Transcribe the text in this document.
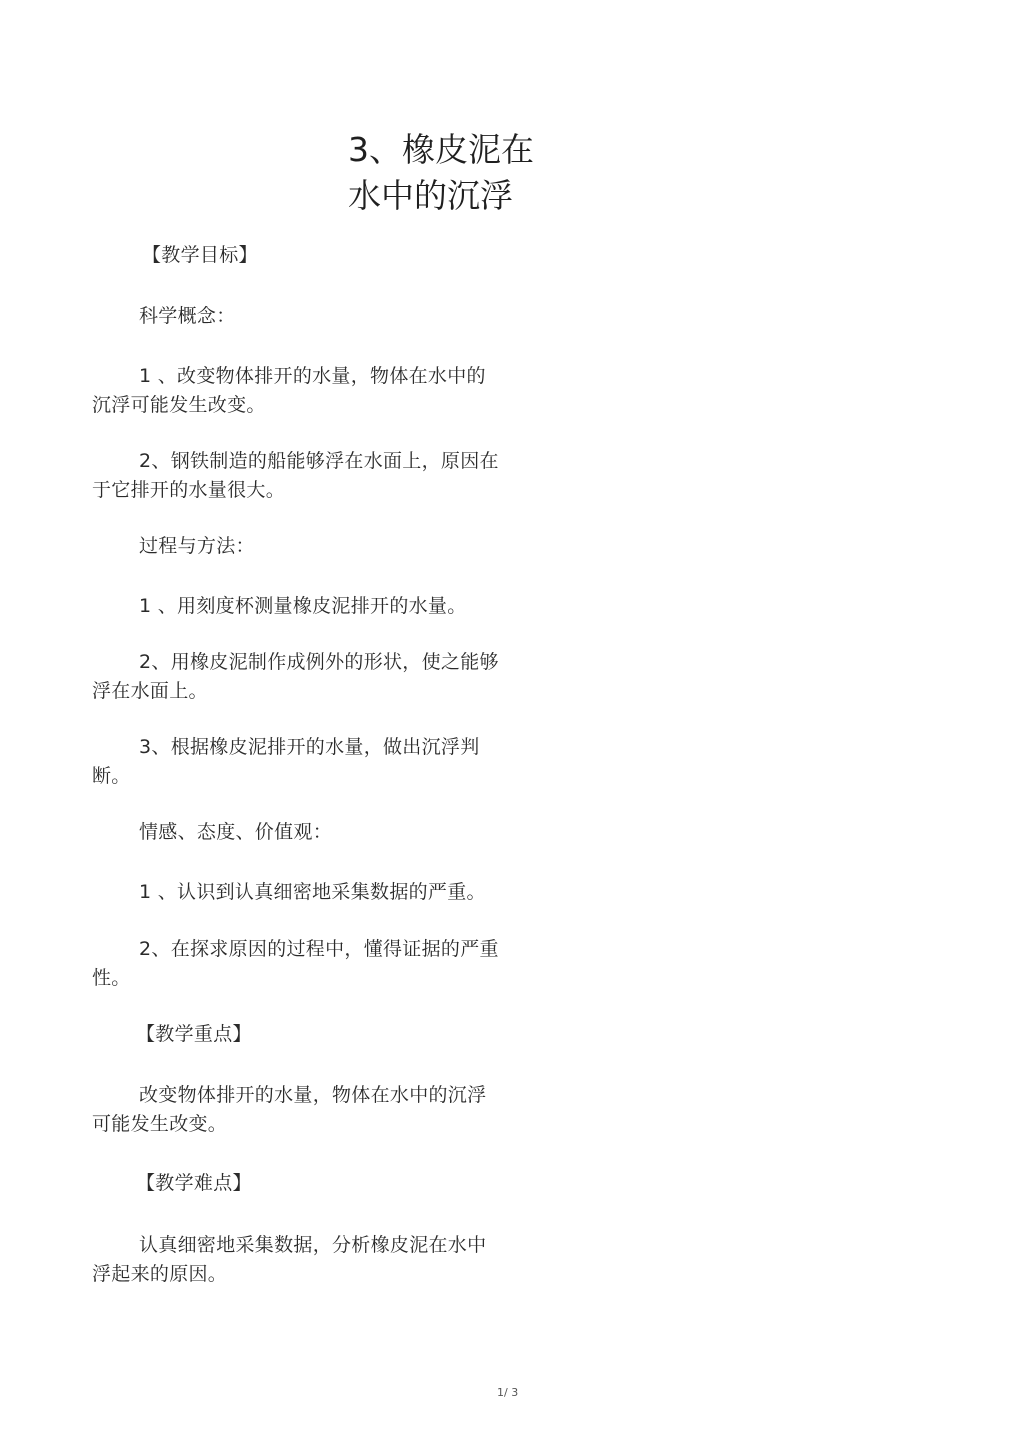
3、橡皮泥在
水中的沉浮
【教学目标】
科学概念：
1 、改变物体排开的水量，物体在水中的
沉浮可能发生改变。
2、钢铁制造的船能够浮在水面上，原因在
于它排开的水量很大。
过程与方法：
1 、用刻度杯测量橡皮泥排开的水量。
2、用橡皮泥制作成例外的形状，使之能够
浮在水面上。
3、根据橡皮泥排开的水量，做出沉浮判
断。
情感、态度、价值观：
1 、认识到认真细密地采集数据的严重。
2、在探求原因的过程中，懂得证据的严重
性。
【教学重点】
改变物体排开的水量，物体在水中的沉浮
可能发生改变。
【教学难点】
认真细密地采集数据，分析橡皮泥在水中
浮起来的原因。
1/ 3
